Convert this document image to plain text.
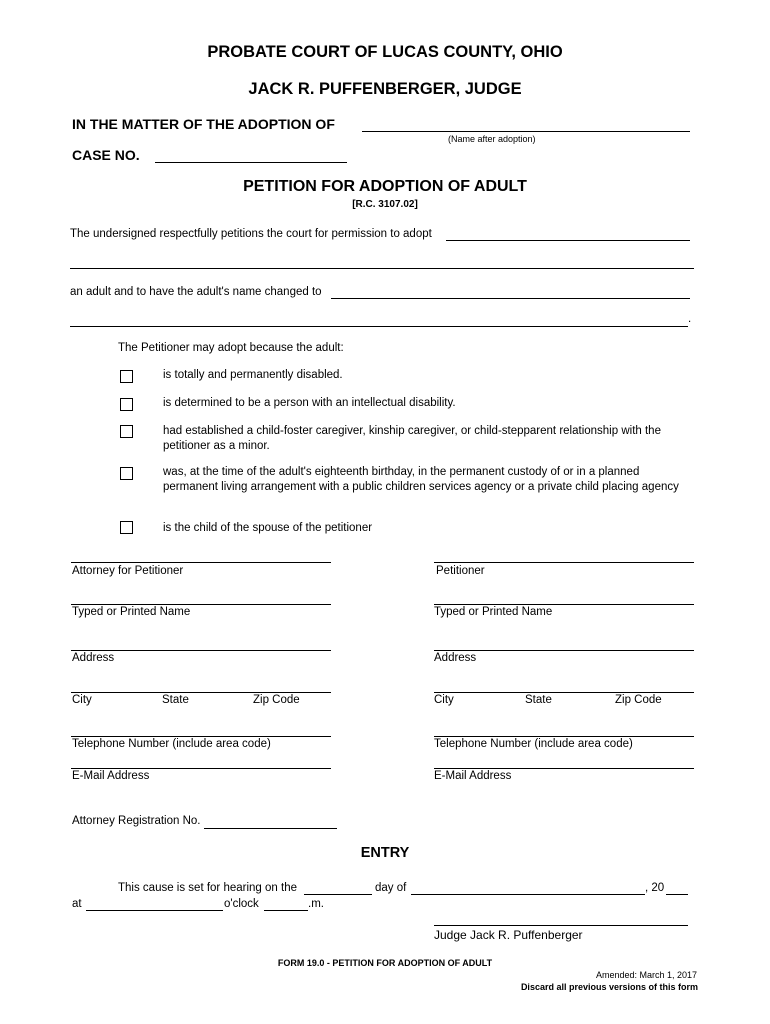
PROBATE COURT OF LUCAS COUNTY, OHIO
JACK R. PUFFENBERGER, JUDGE
IN THE MATTER OF THE ADOPTION OF
(Name after adoption)
CASE NO.
PETITION FOR ADOPTION OF ADULT
[R.C. 3107.02]
The undersigned respectfully petitions the court for permission to adopt
an adult and to have the adult's name changed to
.
The Petitioner may adopt because the adult:
is totally and permanently disabled.
is determined to be a person with an intellectual disability.
had established a child-foster caregiver, kinship caregiver, or child-stepparent relationship with the petitioner as a minor.
was, at the time of the adult's eighteenth birthday, in the permanent custody of or in a planned permanent living arrangement with a public children services agency or a private child placing agency
is the child of the spouse of the petitioner
Attorney for Petitioner
Typed or Printed Name
Address
City	State	Zip Code
Telephone Number (include area code)
E-Mail Address
Petitioner
Typed or Printed Name
Address
City	State	Zip Code
Telephone Number (include area code)
E-Mail Address
Attorney Registration No.
ENTRY
This cause is set for hearing on the	day of	, 20
at	o'clock	.m.
Judge Jack R. Puffenberger
FORM 19.0 - PETITION FOR ADOPTION OF ADULT
Amended: March 1, 2017
Discard all previous versions of this form
